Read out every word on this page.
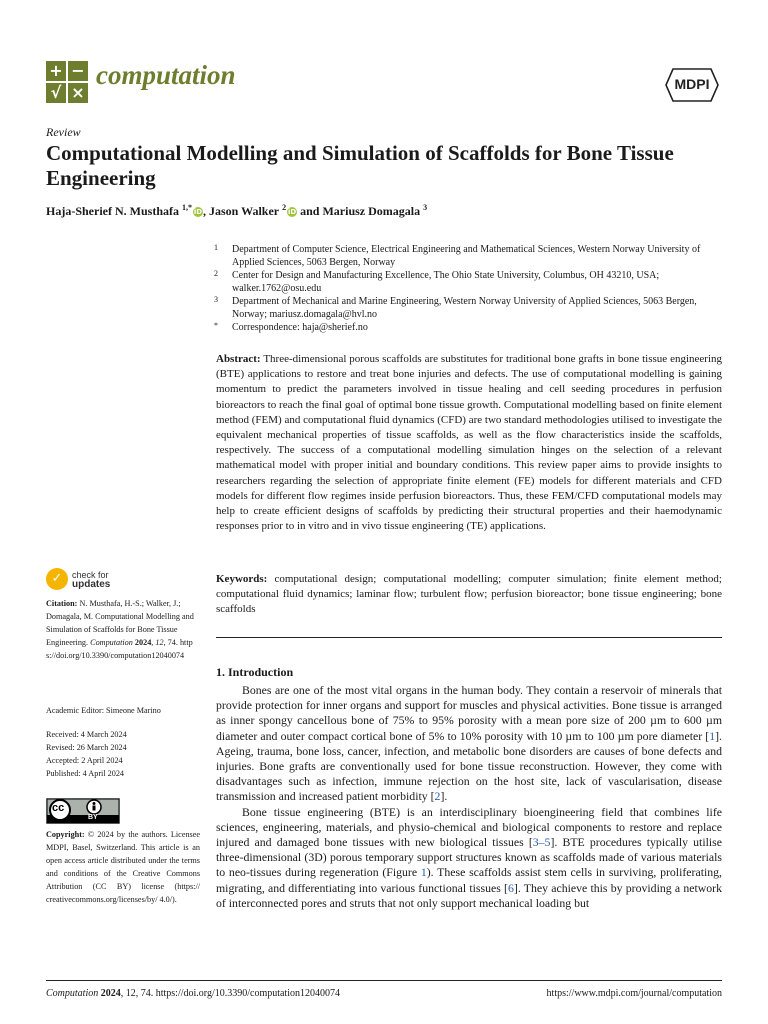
+ −
√ ×
computation	MDPI
Review
Computational Modelling and Simulation of Scaffolds for Bone Tissue Engineering
Haja-Sherief N. Musthafa $^{1,*}$ iD, Jason Walker $^2$ iD and Mariusz Domagala $^3$
1 Department of Computer Science, Electrical Engineering and Mathematical Sciences, Western Norway University of Applied Sciences, 5063 Bergen, Norway
2 Center for Design and Manufacturing Excellence, The Ohio State University, Columbus, OH 43210, USA; walker.1762@osu.edu
3 Department of Mechanical and Marine Engineering, Western Norway University of Applied Sciences, 5063 Bergen, Norway; mariusz.domagala@hvl.no
* Correspondence: haja@sherief.no
Abstract: Three-dimensional porous scaffolds are substitutes for traditional bone grafts in bone tissue engineering (BTE) applications to restore and treat bone injuries and defects. The use of computational modelling is gaining momentum to predict the parameters involved in tissue healing and cell seeding procedures in perfusion bioreactors to reach the final goal of optimal bone tissue growth. Computational modelling based on finite element method (FEM) and computational fluid dynamics (CFD) are two standard methodologies utilised to investigate the equivalent mechanical properties of tissue scaffolds, as well as the flow characteristics inside the scaffolds, respectively. The success of a computational modelling simulation hinges on the selection of a relevant mathematical model with proper initial and boundary conditions. This review paper aims to provide insights to researchers regarding the selection of appropriate finite element (FE) models for different materials and CFD models for different flow regimes inside perfusion bioreactors. Thus, these FEM/CFD computational models may help to create efficient designs of scaffolds by predicting their structural properties and their haemodynamic responses prior to in vitro and in vivo tissue engineering (TE) applications.
Keywords: computational design; computational modelling; computer simulation; finite element method; computational fluid dynamics; laminar flow; turbulent flow; perfusion bioreactor; bone tissue engineering; bone scaffolds
✓	check for
updates
Citation: N. Musthafa, H.-S.; Walker, J.; Domagala, M. Computational Modelling and Simulation of Scaffolds for Bone Tissue Engineering. Computation 2024, 12, 74. https://doi.org/10.3390/computation12040074
Academic Editor: Simeone Marino
Received: 4 March 2024
Revised: 26 March 2024
Accepted: 2 April 2024
Published: 4 April 2024
cc
BY
Copyright: © 2024 by the authors. Licensee MDPI, Basel, Switzerland. This article is an open access article distributed under the terms and conditions of the Creative Commons Attribution (CC BY) license (https:// creativecommons.org/licenses/by/ 4.0/).
1. Introduction

Bones are one of the most vital organs in the human body. They contain a reservoir of minerals that provide protection for inner organs and support for muscles and physical activities. Bone tissue is arranged as inner spongy cancellous bone of 75% to 95% porosity with a mean pore size of 200 µm to 600 µm diameter and outer compact cortical bone of 5% to 10% porosity with 10 µm to 100 µm pore diameter [1]. Ageing, trauma, bone loss, cancer, infection, and metabolic bone disorders are causes of bone defects and injuries. Bone grafts are conventionally used for bone tissue reconstruction. However, they come with disadvantages such as infection, immune rejection on the host site, lack of vascularisation, disease transmission and increased patient morbidity [2].

Bone tissue engineering (BTE) is an interdisciplinary bioengineering field that combines life sciences, engineering, materials, and physio-chemical and biological components to restore and replace injured and damaged bone tissues with new biological tissues [3–5]. BTE procedures typically utilise three-dimensional (3D) porous temporary support structures known as scaffolds made of various materials to neo-tissues during regeneration (Figure 1). These scaffolds assist stem cells in surviving, proliferating, migrating, and differentiating into various functional tissues [6]. They achieve this by providing a network of interconnected pores and struts that not only support mechanical loading but

Computation 2024, 12, 74. https://doi.org/10.3390/computation12040074	https://www.mdpi.com/journal/computation
